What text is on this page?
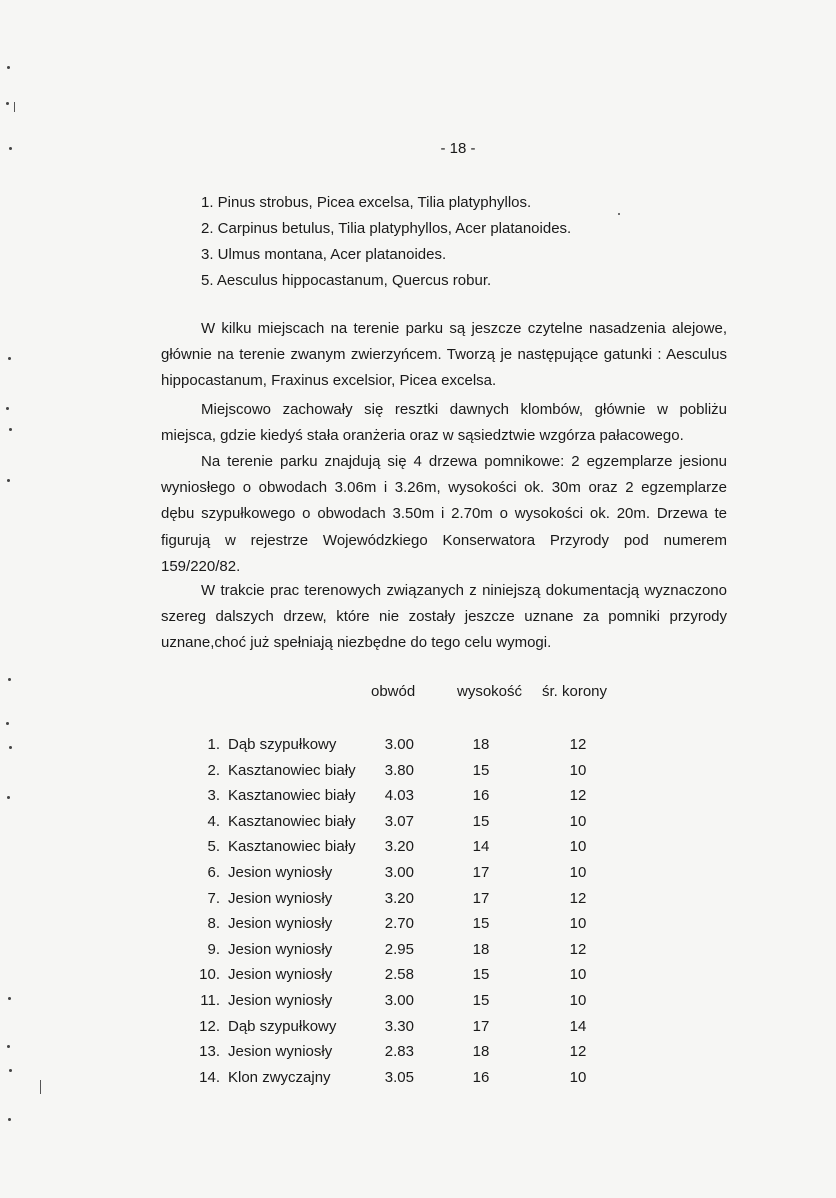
- 18 -
1. Pinus strobus, Picea excelsa, Tilia platyphyllos.
2. Carpinus betulus, Tilia platyphyllos, Acer platanoides.
3. Ulmus montana, Acer platanoides.
5. Aesculus hippocastanum, Quercus robur.

W kilku miejscach na terenie parku są jeszcze czytelne nasadzenia alejowe, głównie na terenie zwanym zwierzyńcem. Tworzą je następujące gatunki : Aesculus hippocastanum, Fraxinus excelsior, Picea excelsa.

Miejscowo zachowały się resztki dawnych klombów, głównie w pobliżu miejsca, gdzie kiedyś stała oranżeria oraz w sąsiedztwie wzgórza pałacowego.

Na terenie parku znajdują się 4 drzewa pomnikowe: 2 egzemplarze jesionu wyniosłego o obwodach 3.06m i 3.26m, wysokości ok. 30m oraz 2 egzemplarze dębu szypułkowego o obwodach 3.50m i 2.70m o wysokości ok. 20m. Drzewa te figurują w rejestrze Wojewódzkiego Konserwatora Przyrody pod numerem 159/220/82.

W trakcie prac terenowych związanych z niniejszą dokumentacją wyznaczono szereg dalszych drzew, które nie zostały jeszcze uznane za pomniki przyrody uznane,choć już spełniają niezbędne do tego celu wymogi.

obwód	wysokość śr. korony
1. Dąb szypułkowy	3.00	18	12
2. Kasztanowiec biały	3.80	15	10
3. Kasztanowiec biały	4.03	16	12
4. Kasztanowiec biały	3.07	15	10
5. Kasztanowiec biały	3.20	14	10
6. Jesion wyniosły	3.00	17	10
7. Jesion wyniosły	3.20	17	12
8. Jesion wyniosły	2.70	15	10
9. Jesion wyniosły	2.95	18	12
10. Jesion wyniosły	2.58	15	10
11. Jesion wyniosły	3.00	15	10
12. Dąb szypułkowy	3.30	17	14
13. Jesion wyniosły	2.83	18	12
14. Klon zwyczajny	3.05	16	10
